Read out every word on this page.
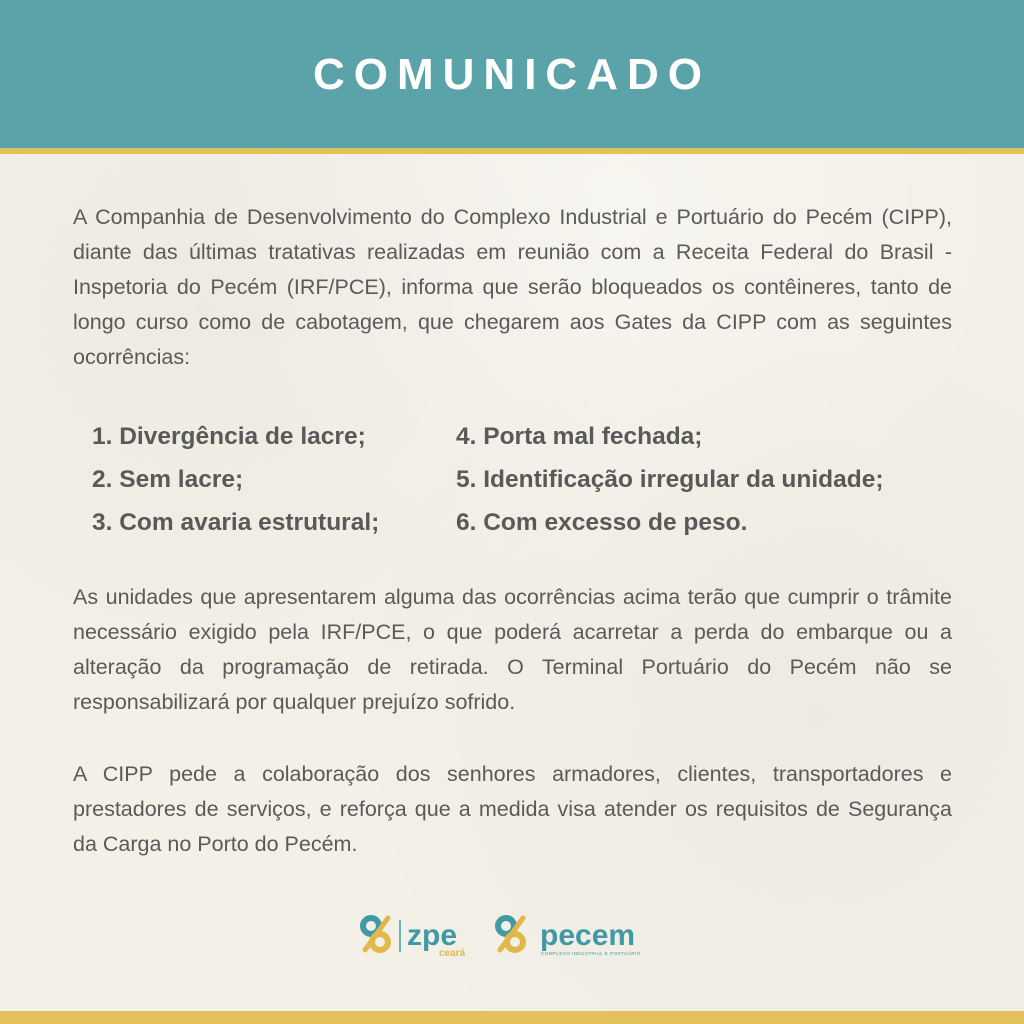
COMUNICADO

A Companhia de Desenvolvimento do Complexo Industrial e Portuário do Pecém (CIPP), diante das últimas tratativas realizadas em reunião com a Receita Federal do Brasil - Inspetoria do Pecém (IRF/PCE), informa que serão bloqueados os contêineres, tanto de longo curso como de cabotagem, que chegarem aos Gates da CIPP com as seguintes ocorrências:

1. Divergência de lacre;	4. Porta mal fechada;
2. Sem lacre;	5. Identificação irregular da unidade;
3. Com avaria estrutural;	6. Com excesso de peso.

As unidades que apresentarem alguma das ocorrências acima terão que cumprir o trâmite necessário exigido pela IRF/PCE, o que poderá acarretar a perda do embarque ou a alteração da programação de retirada. O Terminal Portuário do Pecém não se responsabilizará por qualquer prejuízo sofrido.

A CIPP pede a colaboração dos senhores armadores, clientes, transportadores e prestadores de serviços, e reforça que a medida visa atender os requisitos de Segurança da Carga no Porto do Pecém.

zpe
ceará
pecem
COMPLEXO INDUSTRIAL E PORTUÁRIO
